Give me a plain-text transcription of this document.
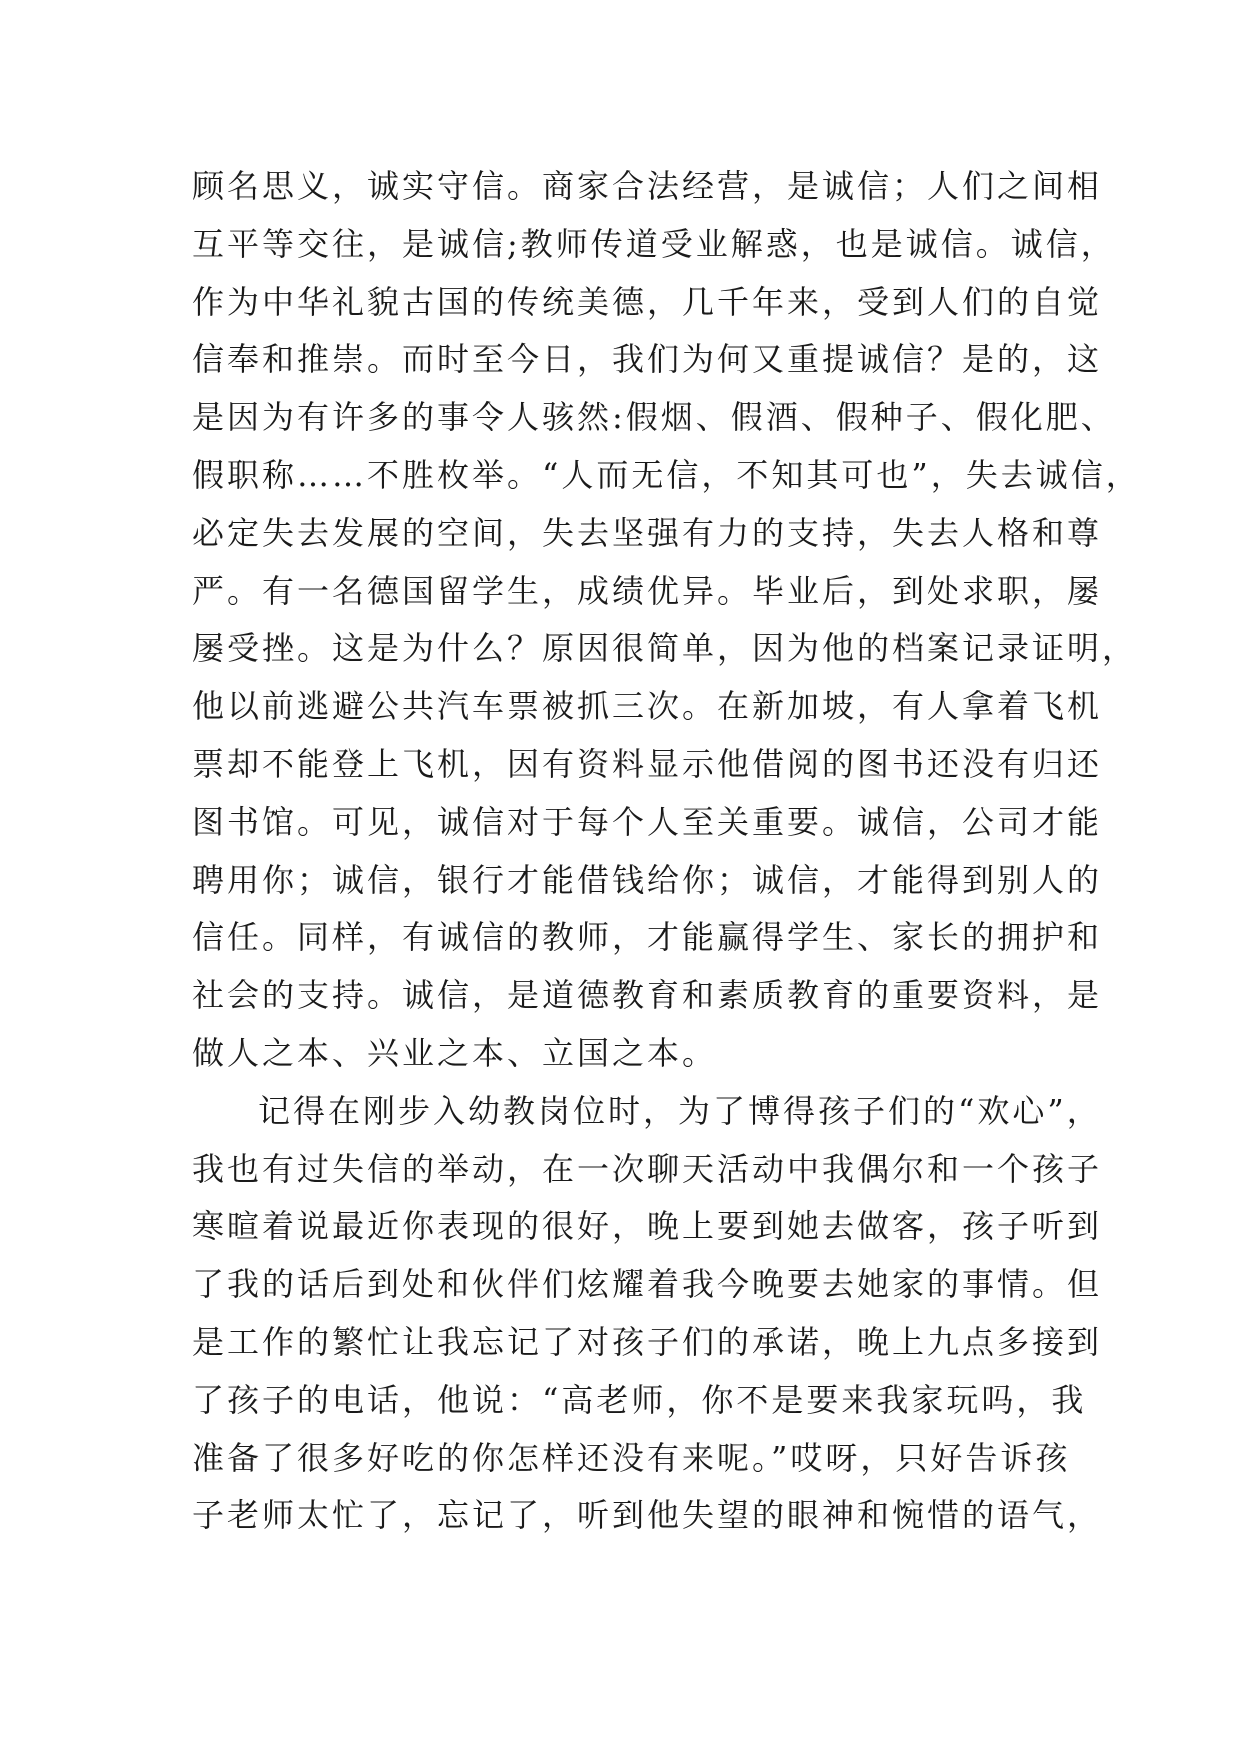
顾名思义，诚实守信。商家合法经营，是诚信；人们之间相
互平等交往，是诚信;教师传道受业解惑，也是诚信。诚信，
作为中华礼貌古国的传统美德，几千年来，受到人们的自觉
信奉和推崇。而时至今日，我们为何又重提诚信？是的，这
是因为有许多的事令人骇然:假烟、假酒、假种子、假化肥、
假职称……不胜枚举。“人而无信，不知其可也”，失去诚信，
必定失去发展的空间，失去坚强有力的支持，失去人格和尊
严。有一名德国留学生，成绩优异。毕业后，到处求职，屡
屡受挫。这是为什么？原因很简单，因为他的档案记录证明，
他以前逃避公共汽车票被抓三次。在新加坡，有人拿着飞机
票却不能登上飞机，因有资料显示他借阅的图书还没有归还
图书馆。可见，诚信对于每个人至关重要。诚信，公司才能
聘用你；诚信，银行才能借钱给你；诚信，才能得到别人的
信任。同样，有诚信的教师，才能赢得学生、家长的拥护和
社会的支持。诚信，是道德教育和素质教育的重要资料，是
做人之本、兴业之本、立国之本。
记得在刚步入幼教岗位时，为了博得孩子们的“欢心”，
我也有过失信的举动，在一次聊天活动中我偶尔和一个孩子
寒暄着说最近你表现的很好，晚上要到她去做客，孩子听到
了我的话后到处和伙伴们炫耀着我今晚要去她家的事情。但
是工作的繁忙让我忘记了对孩子们的承诺，晚上九点多接到
了孩子的电话，他说：“高老师，你不是要来我家玩吗，我
准备了很多好吃的你怎样还没有来呢。”哎呀，只好告诉孩
子老师太忙了，忘记了，听到他失望的眼神和惋惜的语气，
